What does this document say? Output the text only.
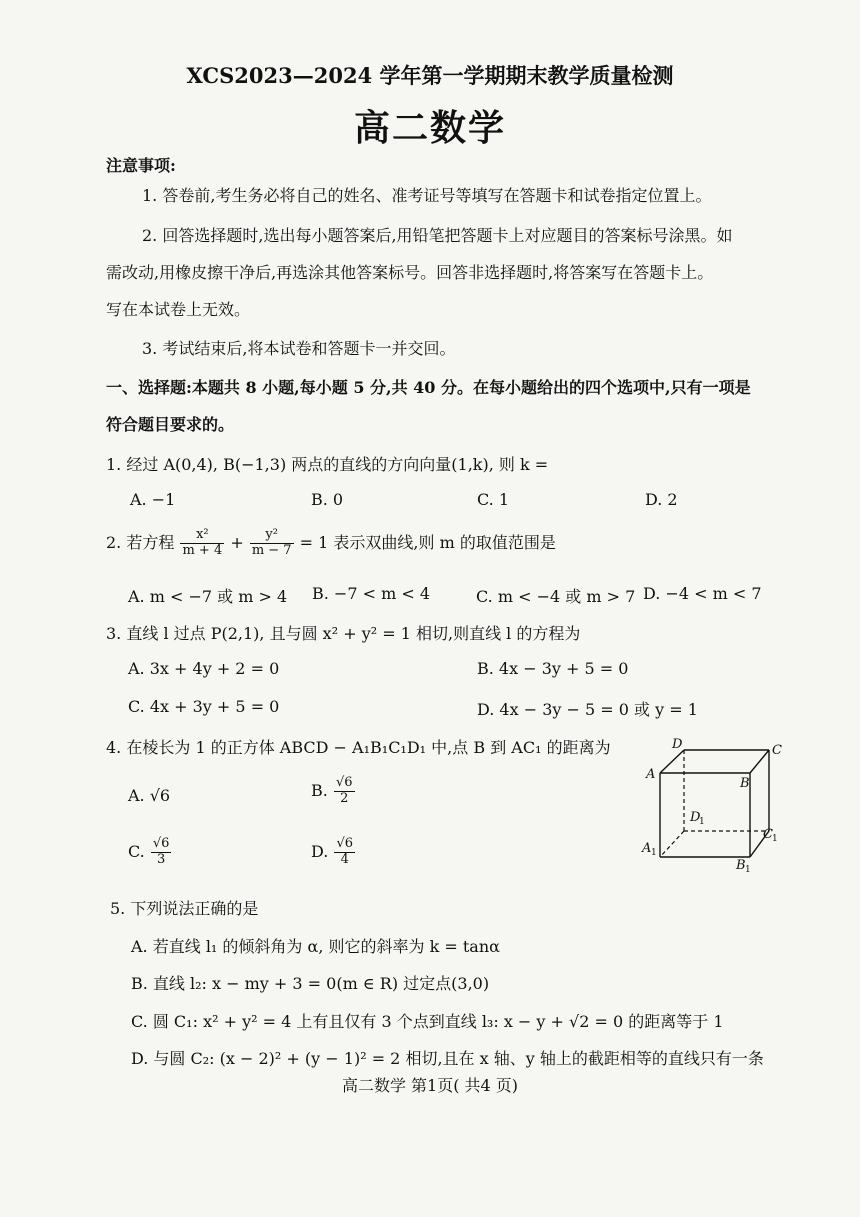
XCS2023—2024 学年第一学期期末教学质量检测
高二数学
注意事项:
1. 答卷前,考生务必将自己的姓名、准考证号等填写在答题卡和试卷指定位置上。
2. 回答选择题时,选出每小题答案后,用铅笔把答题卡上对应题目的答案标号涂黑。如
需改动,用橡皮擦干净后,再选涂其他答案标号。回答非选择题时,将答案写在答题卡上。
写在本试卷上无效。
3. 考试结束后,将本试卷和答题卡一并交回。
一、选择题:本题共 8 小题,每小题 5 分,共 40 分。在每小题给出的四个选项中,只有一项是
符合题目要求的。
1. 经过 A(0,4), B(−1,3) 两点的直线的方向向量(1,k), 则 k =
A. −1	B. 0	C. 1	D. 2
2. 若方程 $\frac{\text{x²}}{m + 4} + \frac{\text{y²}}{m - 7} = 1$ 表示双曲线,则 m 的取值范围是
A. m < −7 或 m > 4 B. −7 < m < 4	C. m < −4 或 m > 7 D. −4 < m < 7
3. 直线 l 过点 P(2,1), 且与圆 x² + y² = 1 相切,则直线 l 的方程为
A. 3x + 4y + 2 = 0	B. 4x − 3y + 5 = 0
C. 4x + 3y + 5 = 0	D. 4x − 3y − 5 = 0 或 y = 1
4. 在棱长为 1 的正方体 ABCD − A₁B₁C₁D₁ 中,点 B 到 AC₁ 的距离为
A. √6	B. $\frac{√6}{2}$
C. $\frac{√6}{3}$	D. $\frac{√6}{4}$
D	C
A
B
D
1
C 1
A 1
B 1
5. 下列说法正确的是
A. 若直线 l₁ 的倾斜角为 α, 则它的斜率为 k = tanα
B. 直线 l₂: x − my + 3 = 0(m ∈ R) 过定点(3,0)
C. 圆 C₁: x² + y² = 4 上有且仅有 3 个点到直线 l₃: x − y + √2 = 0 的距离等于 1
D. 与圆 C₂: (x − 2)² + (y − 1)² = 2 相切,且在 x 轴、y 轴上的截距相等的直线只有一条
高二数学 第1页( 共4 页)
